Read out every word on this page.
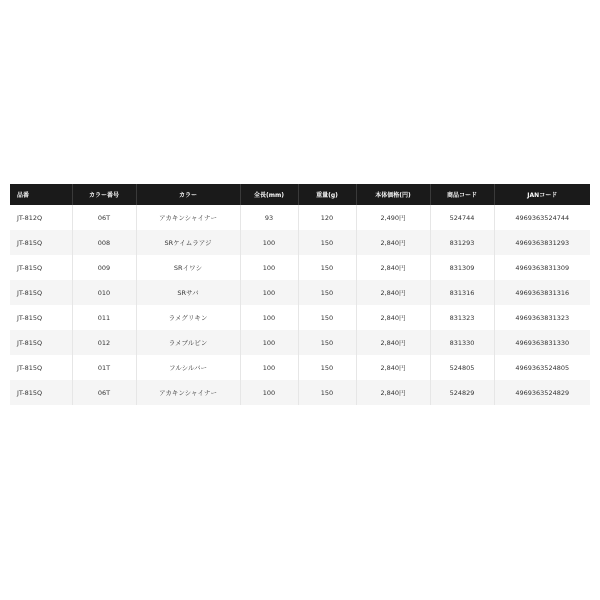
品番	カラー番号	カラー	全長(mm)	重量(g)	本体価格(円)	商品コード	JANコード
JT-812Q	06T	アカキンシャイナー	93	120	2,490円	524744	4969363524744
JT-815Q	008	SRケイムラアジ	100	150	2,840円	831293	4969363831293
JT-815Q	009	SRイワシ	100	150	2,840円	831309	4969363831309
JT-815Q	010	SRサバ	100	150	2,840円	831316	4969363831316
JT-815Q	011	ラメグリキン	100	150	2,840円	831323	4969363831323
JT-815Q	012	ラメブルピン	100	150	2,840円	831330	4969363831330
JT-815Q	01T	フルシルバー	100	150	2,840円	524805	4969363524805
JT-815Q	06T	アカキンシャイナー	100	150	2,840円	524829	4969363524829
